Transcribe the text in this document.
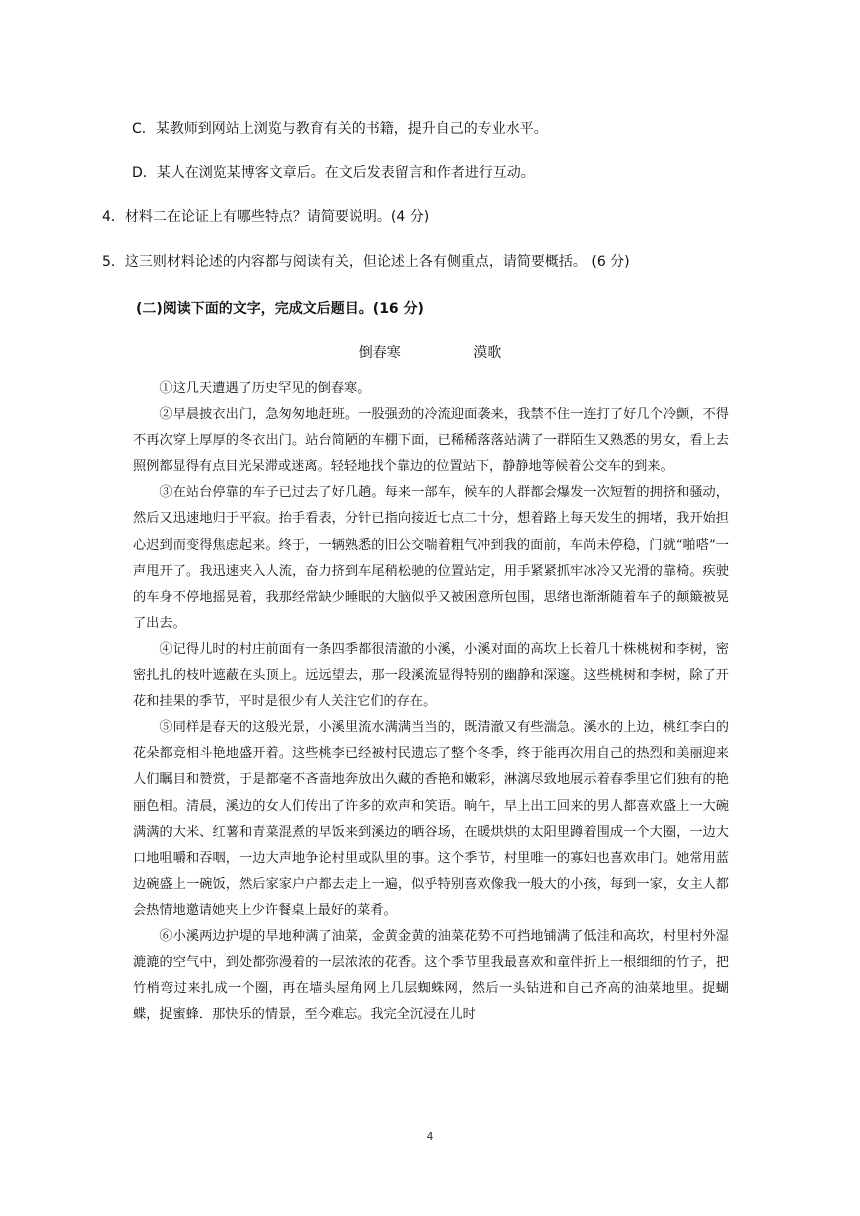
C．某教师到网站上浏览与教育有关的书籍，提升自己的专业水平。

D．某人在浏览某博客文章后。在文后发表留言和作者进行互动。

4．材料二在论证上有哪些特点？请简要说明。(4 分)

5．这三则材料论述的内容都与阅读有关，但论述上各有侧重点，请简要概括。 (6 分)

(二)阅读下面的文字，完成文后题目。(16 分)

倒春寒	漠歌

①这几天遭遇了历史罕见的倒春寒。

②早晨披衣出门，急匆匆地赶班。一股强劲的冷流迎面袭来，我禁不住一连打了好几个冷颤，不得不再次穿上厚厚的冬衣出门。站台简陋的车棚下面，已稀稀落落站满了一群陌生又熟悉的男女，看上去照例都显得有点目光呆滞或迷离。轻轻地找个靠边的位置站下，静静地等候着公交车的到来。

③在站台停靠的车子已过去了好几趟。每来一部车，候车的人群都会爆发一次短暂的拥挤和骚动，然后又迅速地归于平寂。抬手看表，分针已指向接近七点二十分，想着路上每天发生的拥堵，我开始担心迟到而变得焦虑起来。终于，一辆熟悉的旧公交喘着粗气冲到我的面前，车尚未停稳，门就“啪嗒”一声甩开了。我迅速夹入人流，奋力挤到车尾稍松驰的位置站定，用手紧紧抓牢冰冷又光滑的靠椅。疾驶的车身不停地摇晃着，我那经常缺少睡眠的大脑似乎又被困意所包围，思绪也渐渐随着车子的颠簸被晃了出去。

④记得儿时的村庄前面有一条四季都很清澈的小溪，小溪对面的高坎上长着几十株桃树和李树，密密扎扎的枝叶遮蔽在头顶上。远远望去，那一段溪流显得特别的幽静和深邃。这些桃树和李树，除了开花和挂果的季节，平时是很少有人关注它们的存在。

⑤同样是春天的这般光景，小溪里流水满满当当的，既清澈又有些湍急。溪水的上边，桃红李白的花朵都竞相斗艳地盛开着。这些桃李已经被村民遗忘了整个冬季，终于能再次用自己的热烈和美丽迎来人们瞩目和赞赏，于是都毫不吝啬地奔放出久藏的香艳和嫩彩，淋漓尽致地展示着春季里它们独有的艳丽色相。清晨，溪边的女人们传出了许多的欢声和笑语。晌午，早上出工回来的男人都喜欢盛上一大碗满满的大米、红薯和青菜混煮的早饭来到溪边的晒谷场，在暖烘烘的太阳里蹲着围成一个大圈，一边大口地咀嚼和吞咽，一边大声地争论村里或队里的事。这个季节，村里唯一的寡妇也喜欢串门。她常用蓝边碗盛上一碗饭，然后家家户户都去走上一遍，似乎特别喜欢像我一般大的小孩，每到一家，女主人都会热情地邀请她夹上少许餐桌上最好的菜肴。

⑥小溪两边护堤的旱地种满了油菜，金黄金黄的油菜花势不可挡地铺满了低洼和高坎，村里村外湿漉漉的空气中，到处都弥漫着的一层浓浓的花香。这个季节里我最喜欢和童伴折上一根细细的竹子，把竹梢弯过来扎成一个圈，再在墙头屋角网上几层蜘蛛网，然后一头钻进和自己齐高的油菜地里。捉蝴蝶，捉蜜蜂．那快乐的情景，至今难忘。我完全沉浸在儿时

4
